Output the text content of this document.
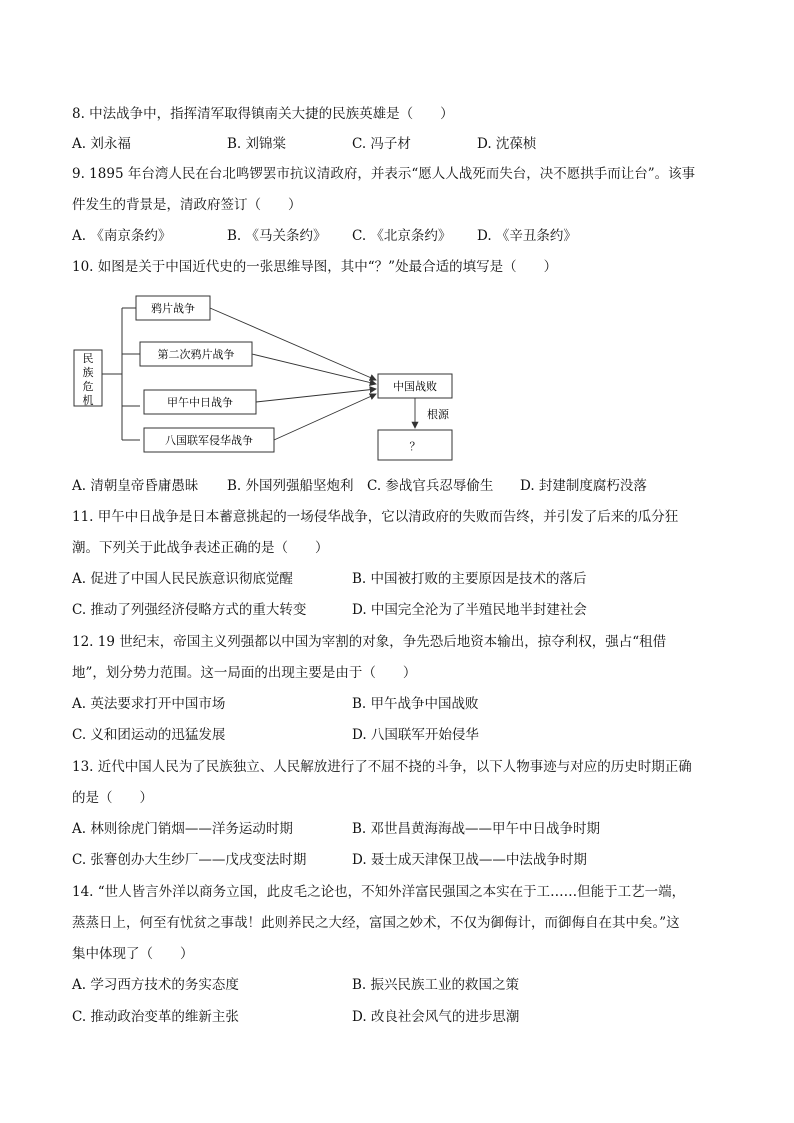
8. 中法战争中，指挥清军取得镇南关大捷的民族英雄是（　　）
A. 刘永福	B. 刘锦棠	C. 冯子材	D. 沈葆桢
9. 1895 年台湾人民在台北鸣锣罢市抗议清政府，并表示“愿人人战死而失台，决不愿拱手而让台”。该事
件发生的背景是，清政府签订（　　）
A. 《南京条约》	B. 《马关条约》 C. 《北京条约》 D. 《辛丑条约》
10. 如图是关于中国近代史的一张思维导图，其中“？”处最合适的填写是（　　）
民
族
危
机
鸦片战争
第二次鸦片战争
甲午中日战争
八国联军侵华战争
中国战败
根源
？
A. 清朝皇帝昏庸愚昧 B. 外国列强船坚炮利 C. 参战官兵忍辱偷生 D. 封建制度腐朽没落
11. 甲午中日战争是日本蓄意挑起的一场侵华战争，它以清政府的失败而告终，并引发了后来的瓜分狂
潮。下列关于此战争表述正确的是（　　）
A. 促进了中国人民民族意识彻底觉醒	B. 中国被打败的主要原因是技术的落后
C. 推动了列强经济侵略方式的重大转变	D. 中国完全沦为了半殖民地半封建社会
12. 19 世纪末，帝国主义列强都以中国为宰割的对象，争先恐后地资本输出，掠夺利权，强占“租借
地”，划分势力范围。这一局面的出现主要是由于（　　）
A. 英法要求打开中国市场	B. 甲午战争中国战败
C. 义和团运动的迅猛发展	D. 八国联军开始侵华
13. 近代中国人民为了民族独立、人民解放进行了不屈不挠的斗争，以下人物事迹与对应的历史时期正确
的是（　　）
A. 林则徐虎门销烟——洋务运动时期	B. 邓世昌黄海海战——甲午中日战争时期
C. 张謇创办大生纱厂——戊戌变法时期	D. 聂士成天津保卫战——中法战争时期
14. “世人皆言外洋以商务立国，此皮毛之论也，不知外洋富民强国之本实在于工……但能于工艺一端，
蒸蒸日上，何至有忧贫之事哉！此则养民之大经，富国之妙术，不仅为御侮计，而御侮自在其中矣。”这
集中体现了（　　）
A. 学习西方技术的务实态度	B. 振兴民族工业的救国之策
C. 推动政治变革的维新主张	D. 改良社会风气的进步思潮
